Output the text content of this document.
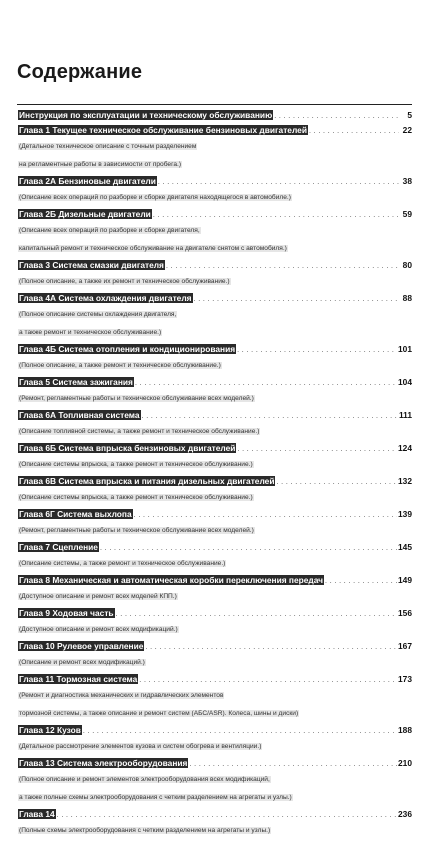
Содержание
Инструкция по эксплуатации и техническому обслуживанию . . .	5
Глава 1 Текущее техническое обслуживание бензиновых двигателей . . .	22
(Детальное техническое описание с точным разделением
на регламентные работы в зависимости от пробега.)
Глава 2А Бензиновые двигатели . . .	38
(Описание всех операций по разборке и сборке двигателя находящегося в автомобиле.)
Глава 2Б Дизельные двигатели . . .	59
(Описание всех операций по разборке и сборке двигателя,
капитальный ремонт и техническое обслуживание на двигателе снятом с автомобиля.)
Глава 3 Система смазки двигателя . . .	80
(Полное описание, а также их ремонт и техническое обслуживание.)
Глава 4А Система охлаждения двигателя . . .	88
(Полное описание системы охлаждения двигателя,
а также ремонт и техническое обслуживание.)
Глава 4Б Система отопления и кондиционирования . . .	101
(Полное описание, а также ремонт и техническое обслуживание.)
Глава 5 Система зажигания . . .	104
(Ремонт, регламентные работы и техническое обслуживание всех моделей.)
Глава 6А Топливная система . . .	111
(Описание топливной системы, а также ремонт и техническое обслуживание.)
Глава 6Б Система впрыска бензиновых двигателей . . .	124
(Описание системы впрыска, а также ремонт и техническое обслуживание.)
Глава 6В Система впрыска и питания дизельных двигателей . . .	132
(Описание системы впрыска, а также ремонт и техническое обслуживание.)
Глава 6Г Система выхлопа . . .	139
(Ремонт, регламентные работы и техническое обслуживание всех моделей.)
Глава 7 Сцепление . . .	145
(Описание системы, а также ремонт и техническое обслуживание.)
Глава 8 Механическая и автоматическая коробки переключения передач . . .	149
(Доступное описание и ремонт всех моделей КПП.)
Глава 9 Ходовая часть . . .	156
(Доступное описание и ремонт всех модификаций.)
Глава 10 Рулевое управление . . .	167
(Описание и ремонт всех модификаций.)
Глава 11 Тормозная система . . .	173
(Ремонт и диагностика механических и гидравлических элементов
тормозной системы, а также описание и ремонт систем (АБС/ASR). Колеса, шины и диски)
Глава 12 Кузов . . .	188
(Детальное рассмотрение элементов кузова и систем обогрева и вентиляции.)
Глава 13 Система электрооборудования . . .	210
(Полное описание и ремонт элементов электрооборудования всех модификаций,
а также полные схемы электрооборудования с четким разделением на агрегаты и узлы.)
Глава 14 . . .	236
(Полные схемы электрооборудования с четким разделением на агрегаты и узлы.)
